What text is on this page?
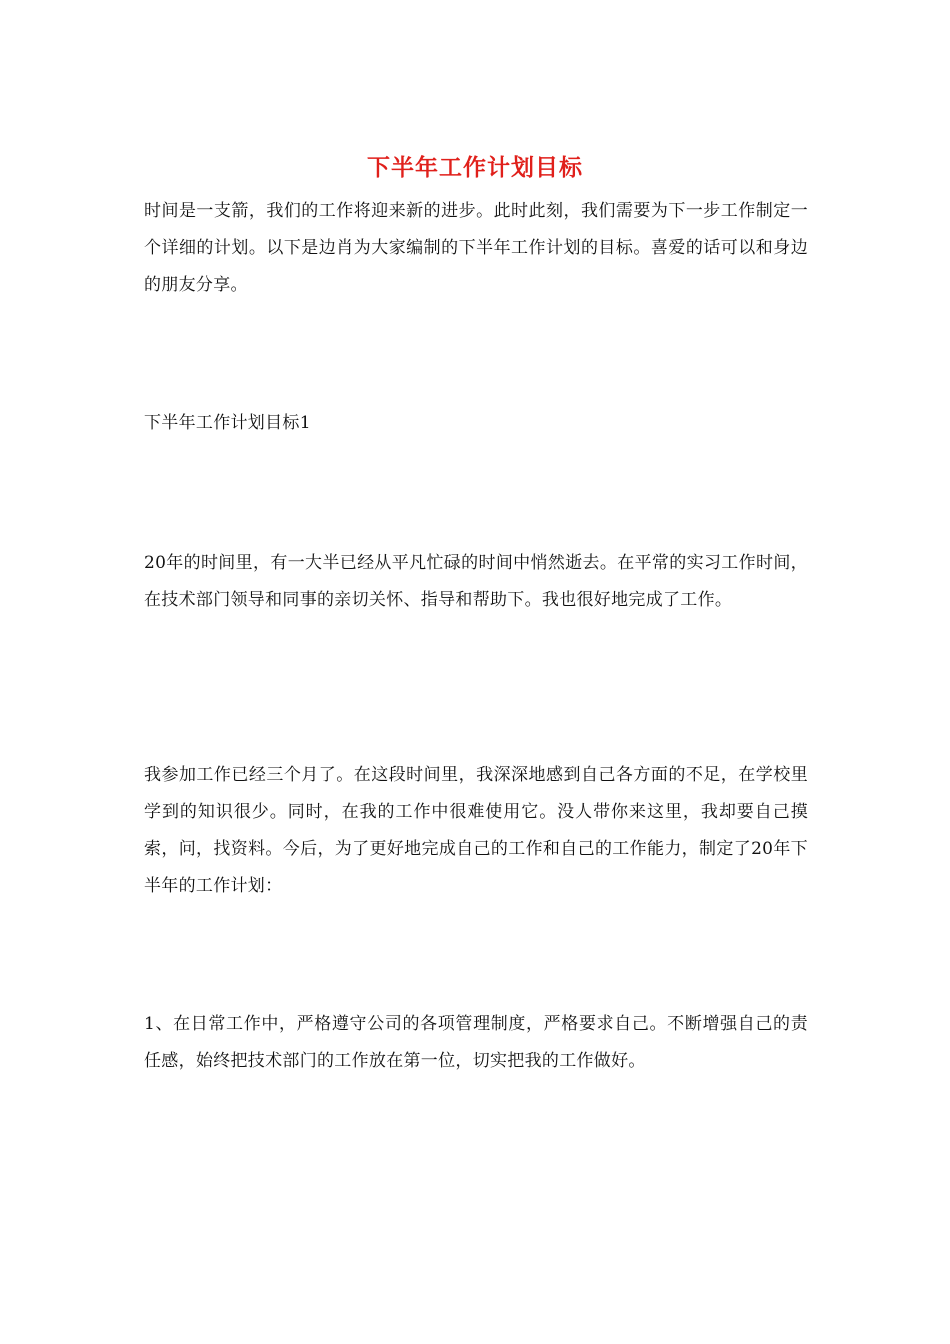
下半年工作计划目标

时间是一支箭，我们的工作将迎来新的进步。此时此刻，我们需要为下一步工作制定一个详细的计划。以下是边肖为大家编制的下半年工作计划的目标。喜爱的话可以和身边的朋友分享。

下半年工作计划目标1

20年的时间里，有一大半已经从平凡忙碌的时间中悄然逝去。在平常的实习工作时间，在技术部门领导和同事的亲切关怀、指导和帮助下。我也很好地完成了工作。

我参加工作已经三个月了。在这段时间里，我深深地感到自己各方面的不足，在学校里学到的知识很少。同时，在我的工作中很难使用它。没人带你来这里，我却要自己摸索，问，找资料。今后，为了更好地完成自己的工作和自己的工作能力，制定了20年下半年的工作计划：

1、在日常工作中，严格遵守公司的各项管理制度，严格要求自己。不断增强自己的责任感，始终把技术部门的工作放在第一位，切实把我的工作做好。
